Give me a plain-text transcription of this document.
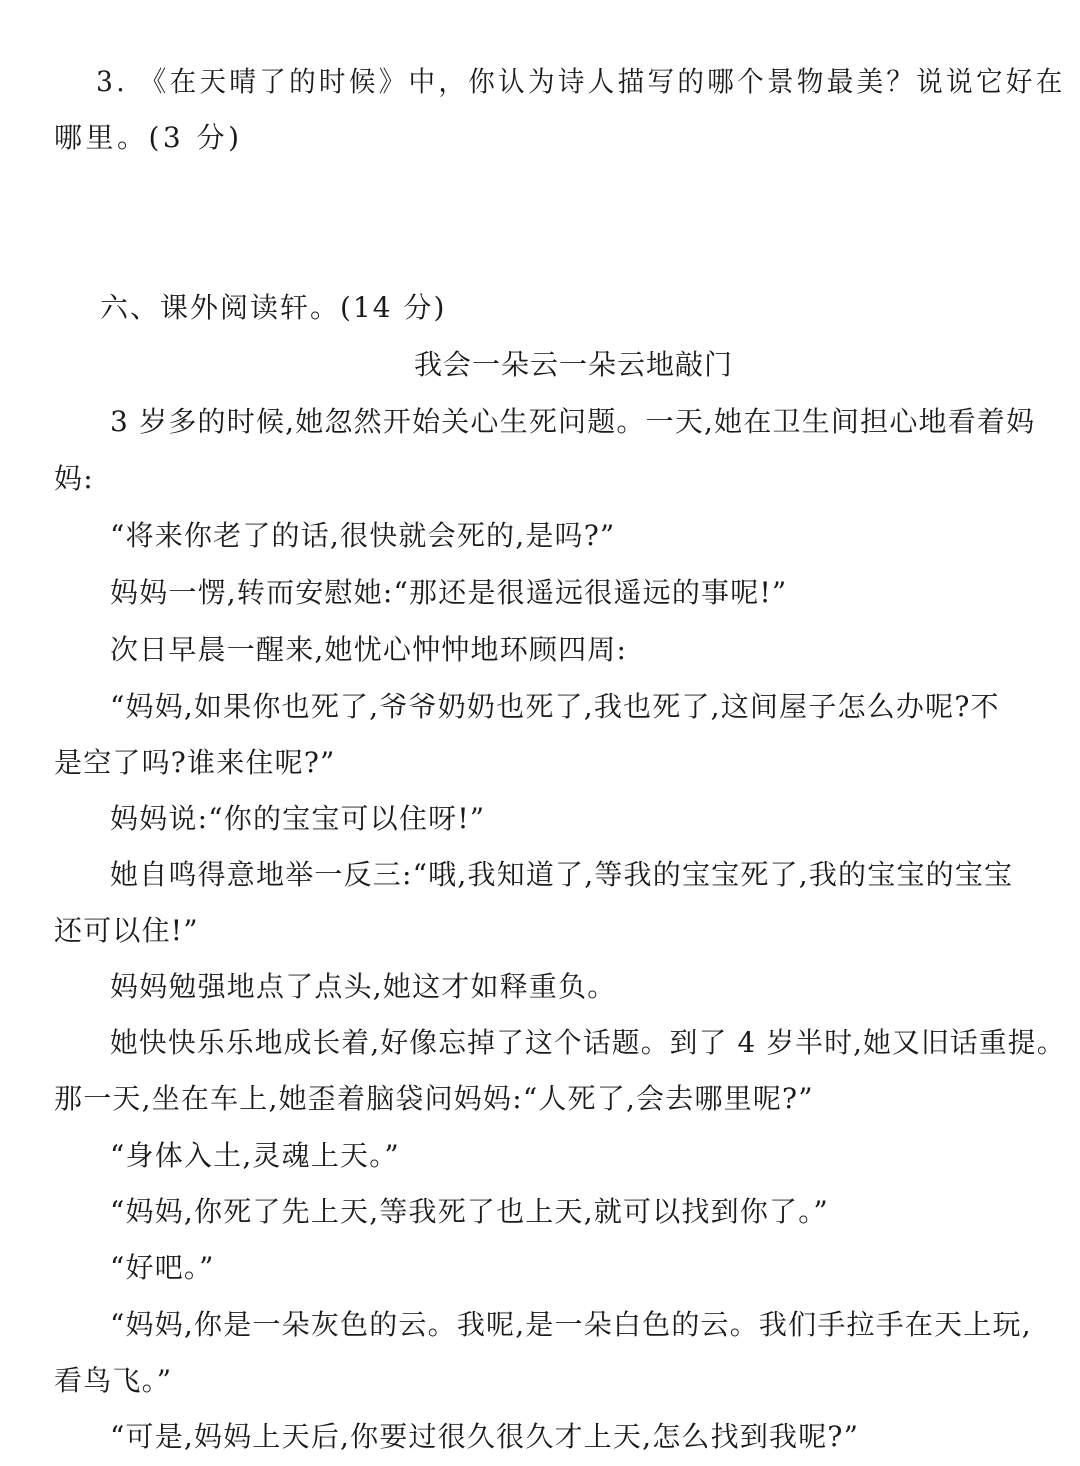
3. 《在天晴了的时候》中，你认为诗人描写的哪个景物最美？说说它好在
哪里。(3 分)
六、课外阅读轩。(14 分)
我会一朵云一朵云地敲门
3 岁多的时候,她忽然开始关心生死问题。一天,她在卫生间担心地看着妈
妈:
“将来你老了的话,很快就会死的,是吗?”
妈妈一愣,转而安慰她:“那还是很遥远很遥远的事呢!”
次日早晨一醒来,她忧心忡忡地环顾四周:
“妈妈,如果你也死了,爷爷奶奶也死了,我也死了,这间屋子怎么办呢?不
是空了吗?谁来住呢?”
妈妈说:“你的宝宝可以住呀!”
她自鸣得意地举一反三:“哦,我知道了,等我的宝宝死了,我的宝宝的宝宝
还可以住!”
妈妈勉强地点了点头,她这才如释重负。
她快快乐乐地成长着,好像忘掉了这个话题。到了 4 岁半时,她又旧话重提。
那一天,坐在车上,她歪着脑袋问妈妈:“人死了,会去哪里呢?”
“身体入土,灵魂上天。”
“妈妈,你死了先上天,等我死了也上天,就可以找到你了。”
“好吧。”
“妈妈,你是一朵灰色的云。我呢,是一朵白色的云。我们手拉手在天上玩,
看鸟飞。”
“可是,妈妈上天后,你要过很久很久才上天,怎么找到我呢?”
